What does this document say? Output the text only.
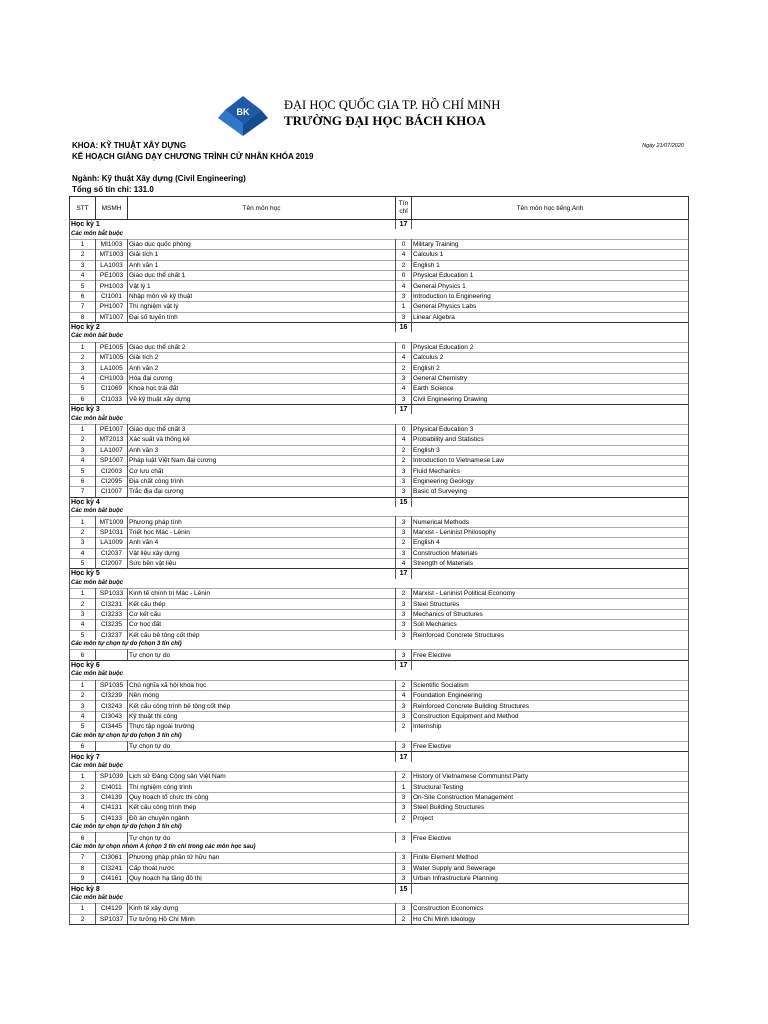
BK	ĐẠI HỌC QUỐC GIA TP. HỒ CHÍ MINH
TRƯỜNG ĐẠI HỌC BÁCH KHOA
KHOA: KỸ THUẬT XÂY DỰNG	Ngày 21/07/2020
KẾ HOẠCH GIẢNG DẠY CHƯƠNG TRÌNH CỬ NHÂN KHÓA 2019
Ngành: Kỹ thuật Xây dựng (Civil Engineering)
Tổng số tín chỉ: 131.0
STT	MSMH	Tên môn học	Tín chỉ	Tên môn học tiếng Anh
Học kỳ 1			17	
Các môn bắt buộc				
1	MI1003	Giáo dục quốc phòng	0	Military Training
2	MT1003	Giải tích 1	4	Calculus 1
3	LA1003	Anh văn 1	2	English 1
4	PE1003	Giáo dục thể chất 1	0	Physical Education 1
5	PH1003	Vật lý 1	4	General Physics 1
6	CI1001	Nhập môn về kỹ thuật	3	Introduction to Engineering
7	PH1007	Thí nghiệm vật lý	1	General Physics Labs
8	MT1007	Đại số tuyến tính	3	Linear Algebra
Học kỳ 2			16	
Các môn bắt buộc				
1	PE1005	Giáo dục thể chất 2	0	Physical Education 2
2	MT1005	Giải tích 2	4	Calculus 2
3	LA1005	Anh văn 2	2	English 2
4	CH1003	Hóa đại cương	3	General Chemistry
5	CI1069	Khoa học trái đất	4	Earth Science
6	CI1033	Vẽ kỹ thuật xây dựng	3	Civil Engineering Drawing
Học kỳ 3			17	
Các môn bắt buộc				
1	PE1007	Giáo dục thể chất 3	0	Physical Education 3
2	MT2013	Xác suất và thống kê	4	Probability and Statistics
3	LA1007	Anh văn 3	2	English 3
4	SP1007	Pháp luật Việt Nam đại cương	2	Introduction to Vietnamese Law
5	CI2003	Cơ lưu chất	3	Fluid Mechanics
6	CI2095	Địa chất công trình	3	Engineering Geology
7	CI1007	Trắc địa đại cương	3	Basic of Surveying
Học kỳ 4			15	
Các môn bắt buộc				
1	MT1009	Phương pháp tính	3	Numerical Methods
2	SP1031	Triết học Mác - Lênin	3	Marxist - Leninist Philosophy
3	LA1009	Anh văn 4	2	English 4
4	CI2037	Vật liệu xây dựng	3	Construction Materials
5	CI2007	Sức bền vật liệu	4	Strength of Materials
Học kỳ 5			17	
Các môn bắt buộc				
1	SP1033	Kinh tế chính trị Mác - Lênin	2	Marxist - Leninist Political Economy
2	CI3231	Kết cấu thép	3	Steel Structures
3	CI3233	Cơ kết cấu	3	Mechanics of Structures
4	CI3235	Cơ học đất	3	Soil Mechanics
5	CI3237	Kết cấu bê tông cốt thép	3	Reinforced Concrete Structures
Các môn tự chọn tự do (chọn 3 tín chỉ)				
6		Tự chọn tự do	3	Free Elective
Học kỳ 6			17	
Các môn bắt buộc				
1	SP1035	Chủ nghĩa xã hội khoa học	2	Scientific Socialism
2	CI3239	Nền móng	4	Foundation Engineering
3	CI3243	Kết cấu công trình bê tông cốt thép	3	Reinforced Concrete Building Structures
4	CI3043	Kỹ thuật thi công	3	Construction Equipment and Method
5	CI3445	Thực tập ngoài trường	2	Internship
Các môn tự chọn tự do (chọn 3 tín chỉ)				
6		Tự chọn tự do	3	Free Elective
Học kỳ 7			17	
Các môn bắt buộc				
1	SP1039	Lịch sử Đảng Cộng sản Việt Nam	2	History of Vietnamese Communist Party
2	CI4011	Thí nghiệm công trình	1	Structural Testing
3	CI4139	Quy hoạch tổ chức thi công	3	On-Site Construction Management
4	CI4131	Kết cấu công trình thép	3	Steel Building Structures
5	CI4133	Đồ án chuyên ngành	2	Project
Các môn tự chọn tự do (chọn 3 tín chỉ)				
6		Tự chọn tự do	3	Free Elective
Các môn tự chọn nhóm A (chọn 3 tín chỉ trong các môn học sau)				
7	CI3061	Phương pháp phần tử hữu hạn	3	Finite Element Method
8	CI3241	Cấp thoát nước	3	Water Supply and Sewerage
9	CI4161	Quy hoạch hạ tầng đô thị	3	Urban Infrastructure Planning
Học kỳ 8			15	
Các môn bắt buộc				
1	CI4129	Kinh tế xây dựng	3	Construction Economics
2	SP1037	Tư tưởng Hồ Chí Minh	2	Ho Chi Minh Ideology
